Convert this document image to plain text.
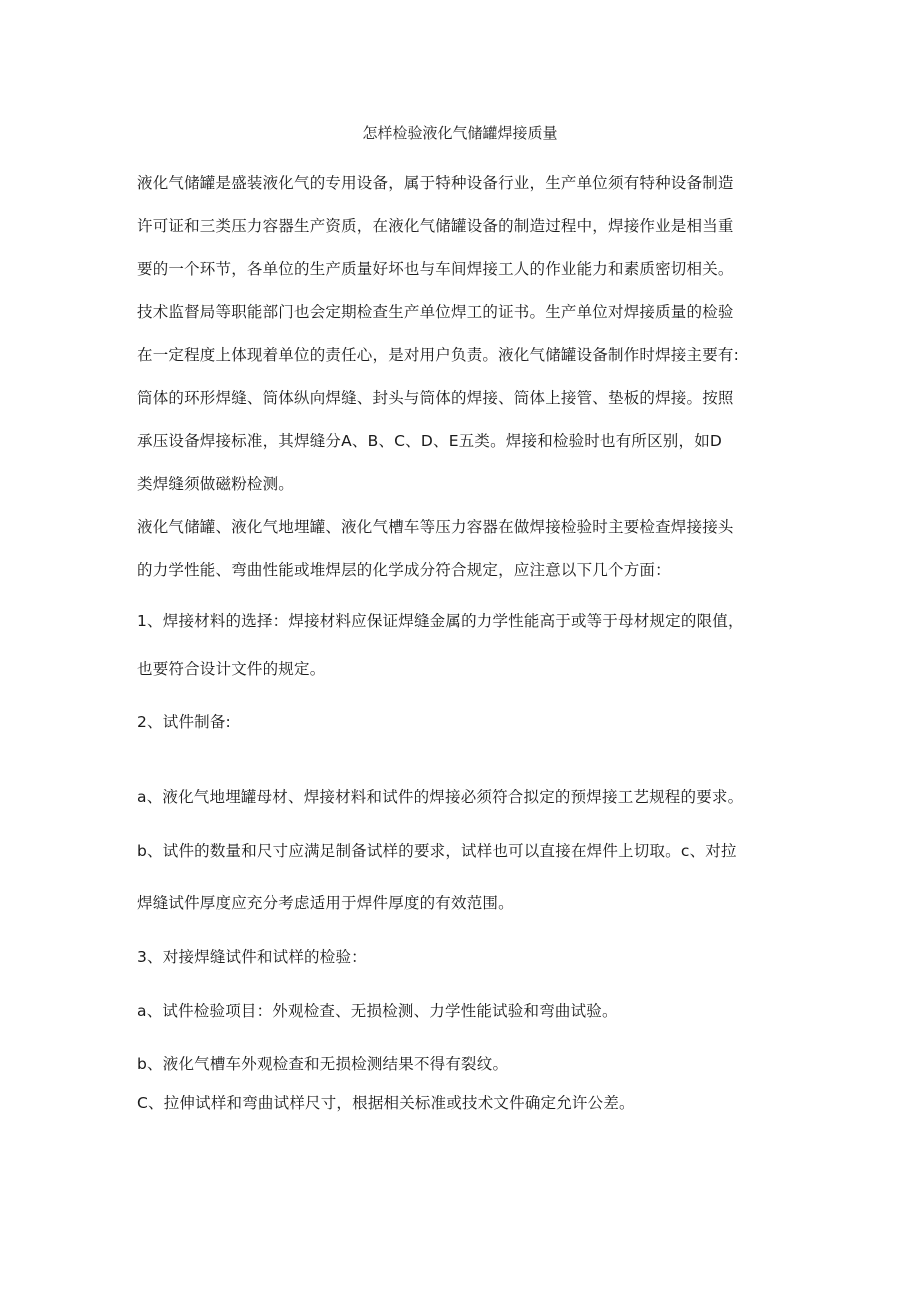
怎样检验液化气储罐焊接质量
液化气储罐是盛装液化气的专用设备，属于特种设备行业，生产单位须有特种设备制造
许可证和三类压力容器生产资质，在液化气储罐设备的制造过程中，焊接作业是相当重
要的一个环节，各单位的生产质量好坏也与车间焊接工人的作业能力和素质密切相关。
技术监督局等职能部门也会定期检查生产单位焊工的证书。生产单位对焊接质量的检验
在一定程度上体现着单位的责任心，是对用户负责。液化气储罐设备制作时焊接主要有:
筒体的环形焊缝、筒体纵向焊缝、封头与筒体的焊接、筒体上接管、垫板的焊接。按照
承压设备焊接标准，其焊缝分A、B、C、D、E五类。焊接和检验时也有所区别，如D
类焊缝须做磁粉检测。
液化气储罐、液化气地埋罐、液化气槽车等压力容器在做焊接检验时主要检查焊接接头
的力学性能、弯曲性能或堆焊层的化学成分符合规定，应注意以下几个方面：
1、焊接材料的选择：焊接材料应保证焊缝金属的力学性能高于或等于母材规定的限值，
也要符合设计文件的规定。
2、试件制备:
a、液化气地埋罐母材、焊接材料和试件的焊接必须符合拟定的预焊接工艺规程的要求。
b、试件的数量和尺寸应满足制备试样的要求，试样也可以直接在焊件上切取。c、对拉
焊缝试件厚度应充分考虑适用于焊件厚度的有效范围。
3、对接焊缝试件和试样的检验：
a、试件检验项目：外观检查、无损检测、力学性能试验和弯曲试验。
b、液化气槽车外观检查和无损检测结果不得有裂纹。
C、拉伸试样和弯曲试样尺寸，根据相关标准或技术文件确定允许公差。
